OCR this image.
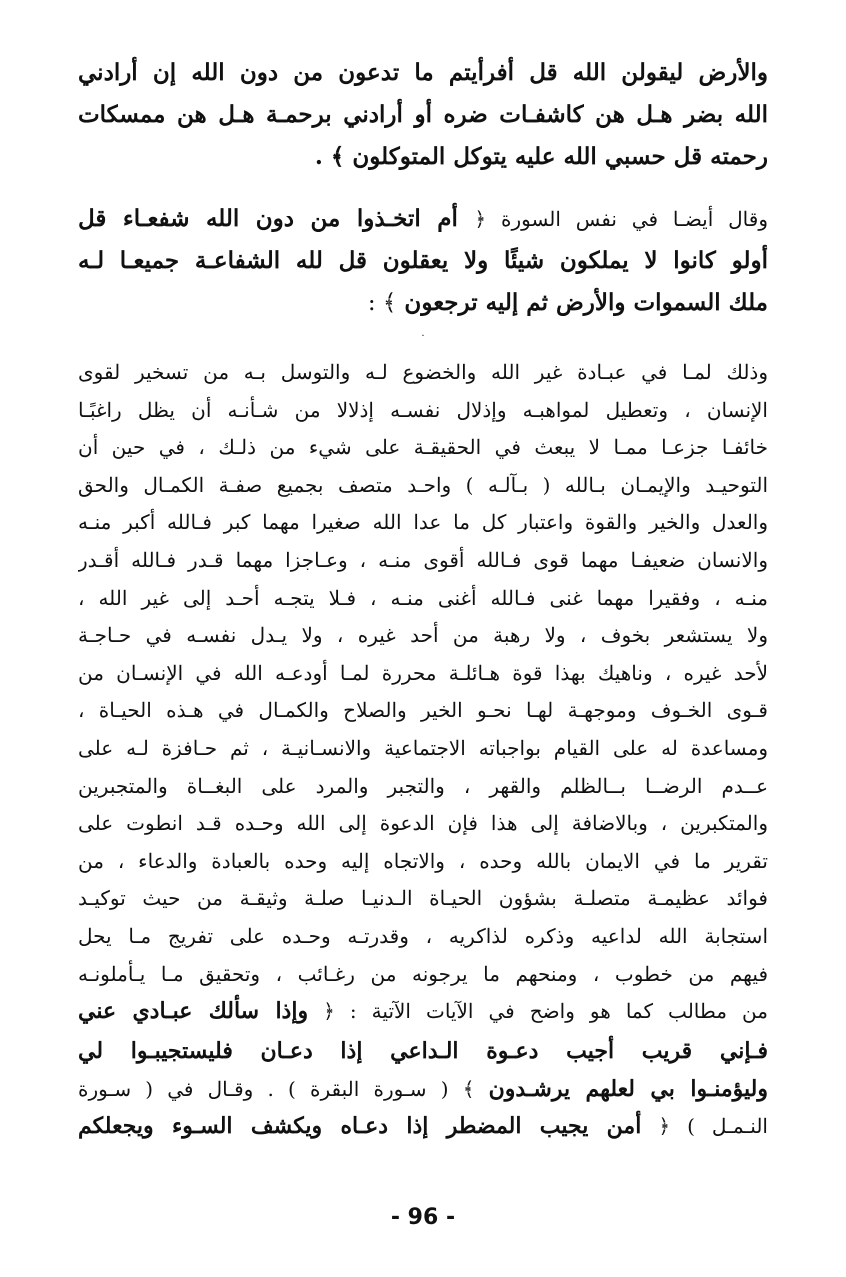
والأرض ليقولن الله قل أفرأيتم ما تدعون من دون الله إن أرادني
الله بضر هـل هن كاشفـات ضره أو أرادني برحمـة هـل هن ممسكات
رحمته قل حسبي الله عليه يتوكل المتوكلون ﴾ .
وقال أيضـا في نفس السورة ﴿ أم اتخـذوا من دون الله شفعـاء قل
أولو كانوا لا يملكون شيئًا ولا يعقلون قل لله الشفاعـة جميعـا لـه
ملك السموات والأرض ثم إليه ترجعون ﴾ :
.
وذلك لمـا في عبـادة غير الله والخضوع لـه والتوسل بـه من تسخير لقوى
الإنسان ، وتعطيل لمواهبـه وإذلال نفسـه إذلالا من شـأنـه أن يظل راغبًـا
خائفـا جزعـا ممـا لا يبعث في الحقيقـة على شيء من ذلـك ، في حين أن
التوحيـد والإيمـان بـالله ( بـآلـه ) واحـد متصف بجميع صفـة الكمـال والحق
والعدل والخير والقوة واعتبار كل ما عدا الله صغيرا مهما كبر فـالله أكبر منـه
والانسان ضعيفـا مهما قوى فـالله أقوى منـه ، وعـاجزا مهما قـدر فـالله أقـدر
منـه ، وفقيرا مهما غنى فـالله أغنى منـه ، فـلا يتجـه أحـد إلى غير الله ،
ولا يستشعر بخوف ، ولا رهبة من أحد غيره ، ولا يـدل نفسـه في حـاجـة
لأحد غيره ، وناهيك بهذا قوة هـائلـة محررة لمـا أودعـه الله في الإنسـان من
قـوى الخـوف وموجهـة لهـا نحـو الخير والصلاح والكمـال في هـذه الحيـاة ،
ومساعدة له على القيام بواجباته الاجتماعية والانسـانيـة ، ثم حـافزة لـه على
عــدم الرضــا بــالظلم والقهر ، والتجبر والمرد على البغــاة والمتجبرين
والمتكبرين ، وبالاضافة إلى هذا فإن الدعوة إلى الله وحـده قـد انطوت على
تقرير ما في الايمان بالله وحده ، والاتجاه إليه وحده بالعبادة والدعاء ، من
فوائد عظيمـة متصلـة بشؤون الحيـاة الـدنيـا صلـة وثيقـة من حيث توكيـد
استجابة الله لداعيه وذكره لذاكريه ، وقدرتـه وحـده على تفريج مـا يحل
فيهم من خطوب ، ومنحهم ما يرجونه من رغـائب ، وتحقيق مـا يـأملونـه
من مطالب كما هو واضح في الآيات الآتية : ﴿ وإذا سألك عبـادي عني
فـإني قريب أجيب دعـوة الـداعي إذا دعـان فليستجيبـوا لي
وليؤمنـوا بي لعلهم يرشـدون ﴾ ( سـورة البقرة ) . وقـال في ( سـورة
النـمـل ) ﴿ أمن يجيب المضطر إذا دعـاه ويكشف السـوء ويجعلكم
- 96 -
